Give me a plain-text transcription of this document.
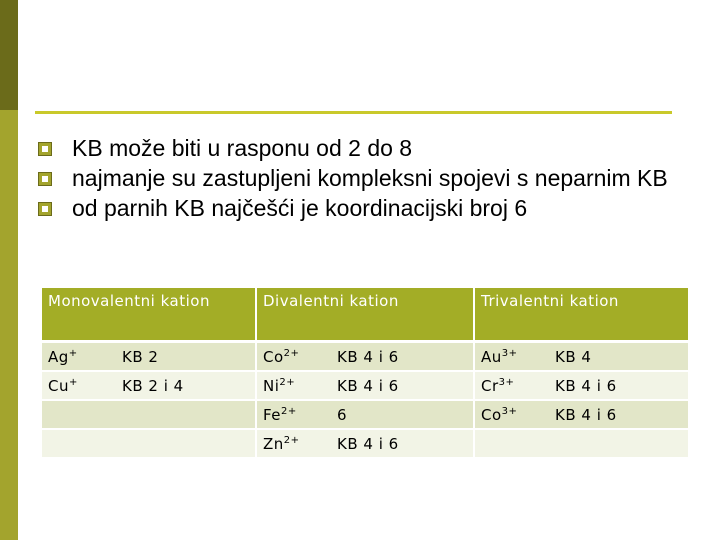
KB može biti u rasponu od 2 do 8
najmanje su zastupljeni kompleksni spojevi s neparnim KB
od parnih KB najčešći je koordinacijski broj 6
Monovalentni kation	Divalentni kation	Trivalentni kation

Ag+ KB 2	$Co^{2+}$ KB 4 i 6	$Au^{3+}$ KB 4

Cu+ KB 2 i 4	$Ni^{2+}$ KB 4 i 6	$Cr^{3+}$ KB 4 i 6

	$Fe^{2+}$ 6	$Co^{3+}$ KB 4 i 6

	$Zn^{2+}$ KB 4 i 6	
